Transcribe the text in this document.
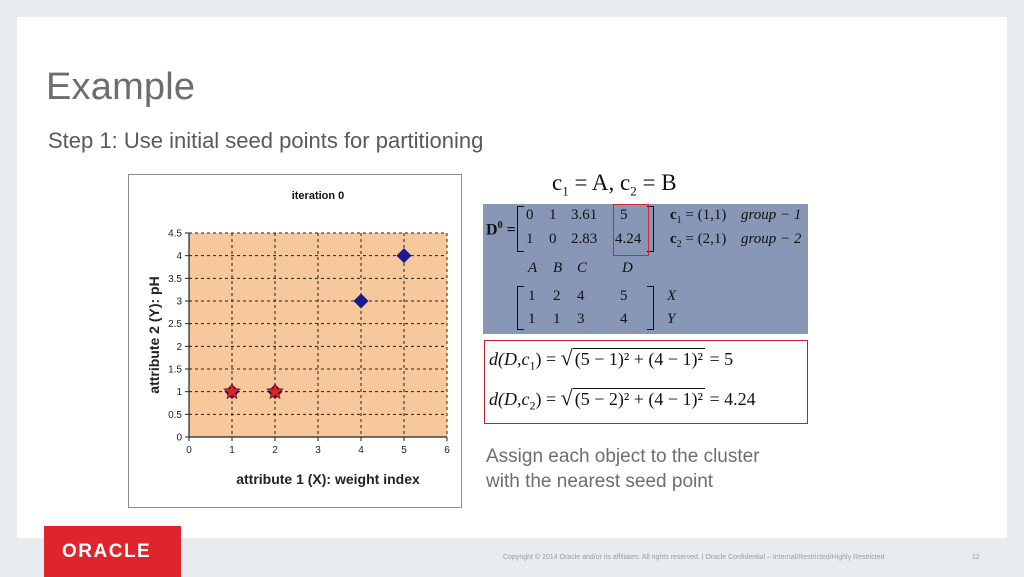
Example
Step 1: Use initial seed points for partitioning
0	1	2	3	4	5	6
0
0.5
1
1.5
2
2.5
3
3.5
4
4.5
iteration 0
attribute 1 (X): weight index
attribute 2 (Y): pH
$c_1 = A$, $c_2 = B$
$D^0$ =
0 1 3.61 5
1 0 2.83 4.24
$c_1 = (1,1)$ group − 1
$c_2 = (2,1)$ group − 2
A B C D
1 2 4 5
1 1 3 4
X
Y
$d(D,c_1)$ = √ (5 − 1)² + (4 − 1)² = 5
$d(D,c_2)$ = √ (5 − 2)² + (4 − 1)² = 4.24
Assign each object to the cluster
with the nearest seed point
ORACLE	Copyright © 2014 Oracle and/or its affiliates. All rights reserved. | Oracle Confidential – Internal/Restricted/Highly Restricted	12
